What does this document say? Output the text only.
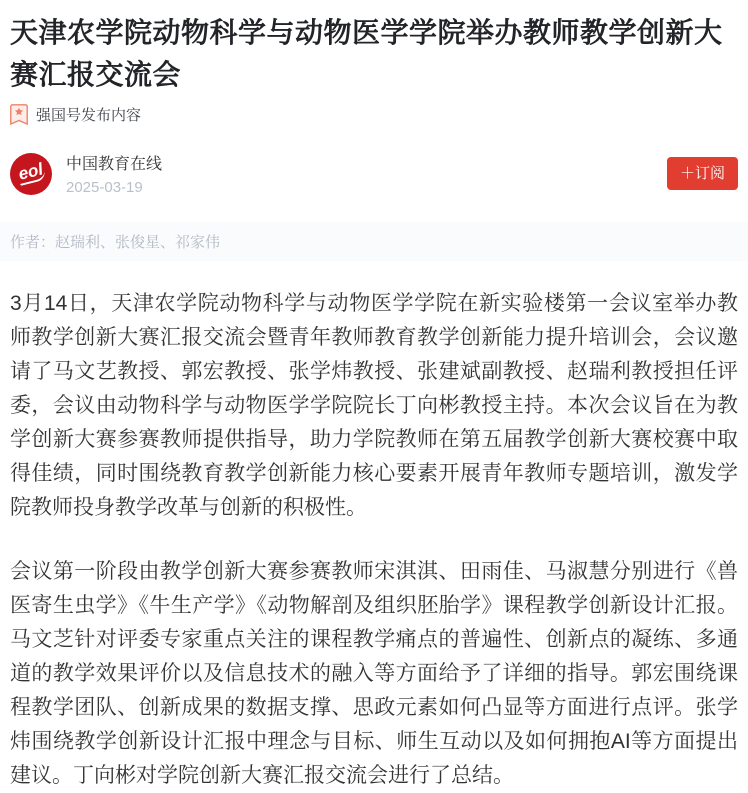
天津农学院动物科学与动物医学学院举办教师教学创新大赛汇报交流会
强国号发布内容
eol 中国教育在线
2025-03-19
＋订阅
作者：赵瑞利、张俊星、祁家伟

3月14日，天津农学院动物科学与动物医学学院在新实验楼第一会议室举办教师教学创新大赛汇报交流会暨青年教师教育教学创新能力提升培训会，会议邀请了马文艺教授、郭宏教授、张学炜教授、张建斌副教授、赵瑞利教授担任评委，会议由动物科学与动物医学学院院长丁向彬教授主持。本次会议旨在为教学创新大赛参赛教师提供指导，助力学院教师在第五届教学创新大赛校赛中取得佳绩，同时围绕教育教学创新能力核心要素开展青年教师专题培训，激发学院教师投身教学改革与创新的积极性。

会议第一阶段由教学创新大赛参赛教师宋淇淇、田雨佳、马淑慧分别进行《兽医寄生虫学》《牛生产学》《动物解剖及组织胚胎学》课程教学创新设计汇报。马文芝针对评委专家重点关注的课程教学痛点的普遍性、创新点的凝练、多通道的教学效果评价以及信息技术的融入等方面给予了详细的指导。郭宏围绕课程教学团队、创新成果的数据支撑、思政元素如何凸显等方面进行点评。张学炜围绕教学创新设计汇报中理念与目标、师生互动以及如何拥抱AI等方面提出建议。丁向彬对学院创新大赛汇报交流会进行了总结。
